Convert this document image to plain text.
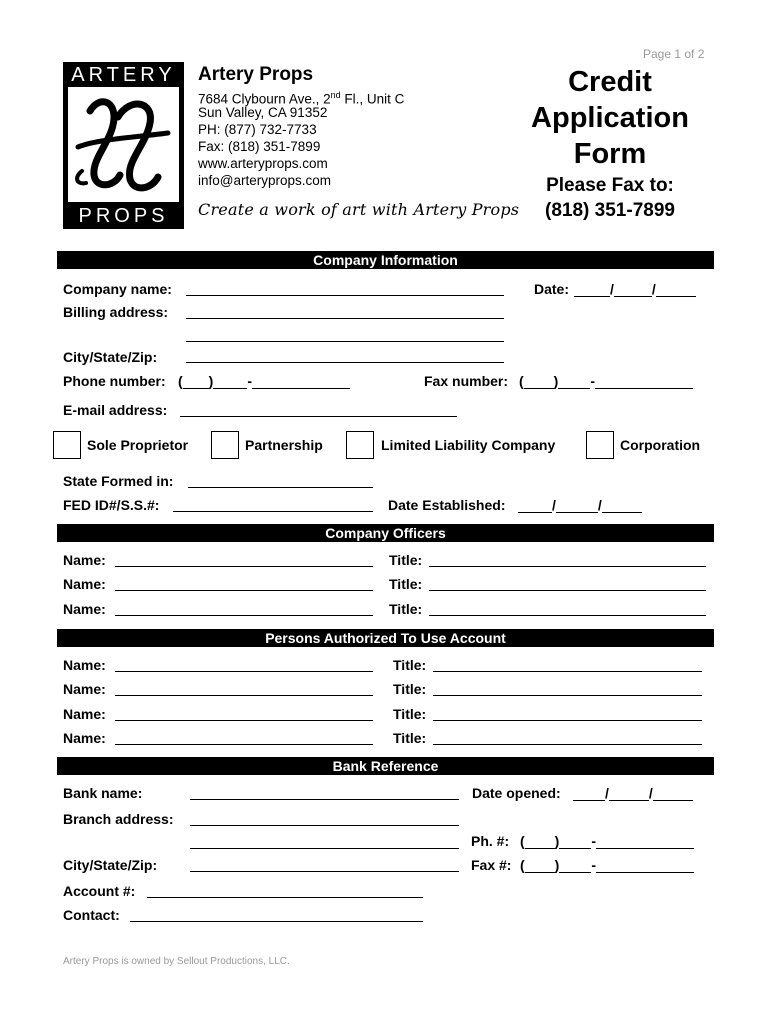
Page 1 of 2
ARTERY
PROPS
Artery Props
7684 Clybourn Ave., 2nd Fl., Unit C
Sun Valley, CA 91352
PH: (877) 732-7733
Fax: (818) 351-7899
www.arteryprops.com
info@arteryprops.com
Create a work of art with Artery Props
Credit
Application
Form
Please Fax to:
(818) 351-7899
Company Information
Company name:	Date:	/	/
Billing address:
City/State/Zip:
Phone number: ( ) -	Fax number: ( ) -
E-mail address:
Sole Proprietor	Partnership	Limited Liability Company	Corporation
State Formed in:
FED ID#/S.S.#:	Date Established:	/	/
Company Officers
Name:	Title:
Name:	Title:
Name:	Title:
Persons Authorized To Use Account
Name:	Title:
Name:	Title:
Name:	Title:
Name:	Title:
Bank Reference
Bank name:	Date opened:	/	/
Branch address:
Ph. #: ( ) -
City/State/Zip:	Fax #: ( ) -
Account #:
Contact:
Artery Props is owned by Sellout Productions, LLC.
